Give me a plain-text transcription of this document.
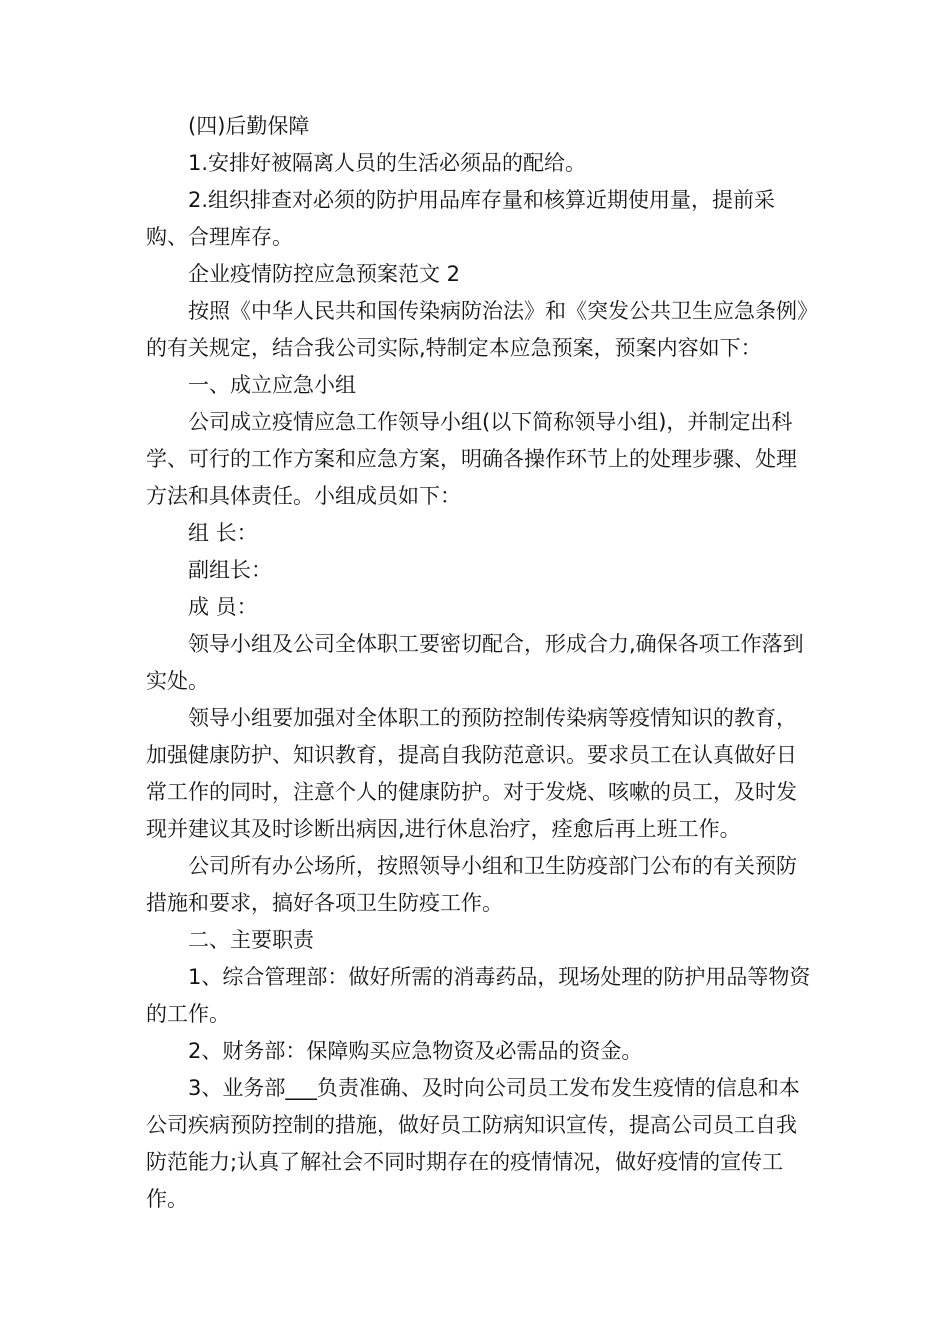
(四)后勤保障

1.安排好被隔离人员的生活必须品的配给。

2.组织排查对必须的防护用品库存量和核算近期使用量，提前采购、合理库存。

企业疫情防控应急预案范文 2

按照《中华人民共和国传染病防治法》和《突发公共卫生应急条例》的有关规定，结合我公司实际,特制定本应急预案，预案内容如下：

一、成立应急小组

公司成立疫情应急工作领导小组(以下简称领导小组)，并制定出科学、可行的工作方案和应急方案，明确各操作环节上的处理步骤、处理方法和具体责任。小组成员如下：

组 长：

副组长：

成 员：

领导小组及公司全体职工要密切配合，形成合力,确保各项工作落到实处。

领导小组要加强对全体职工的预防控制传染病等疫情知识的教育，加强健康防护、知识教育，提高自我防范意识。要求员工在认真做好日常工作的同时，注意个人的健康防护。对于发烧、咳嗽的员工，及时发现并建议其及时诊断出病因,进行休息治疗，痊愈后再上班工作。

公司所有办公场所，按照领导小组和卫生防疫部门公布的有关预防措施和要求，搞好各项卫生防疫工作。

二、主要职责

1、综合管理部：做好所需的消毒药品，现场处理的防护用品等物资的工作。

2、财务部：保障购买应急物资及必需品的资金。

3、业务部___负责准确、及时向公司员工发布发生疫情的信息和本公司疾病预防控制的措施，做好员工防病知识宣传，提高公司员工自我防范能力;认真了解社会不同时期存在的疫情情况，做好疫情的宣传工作。
